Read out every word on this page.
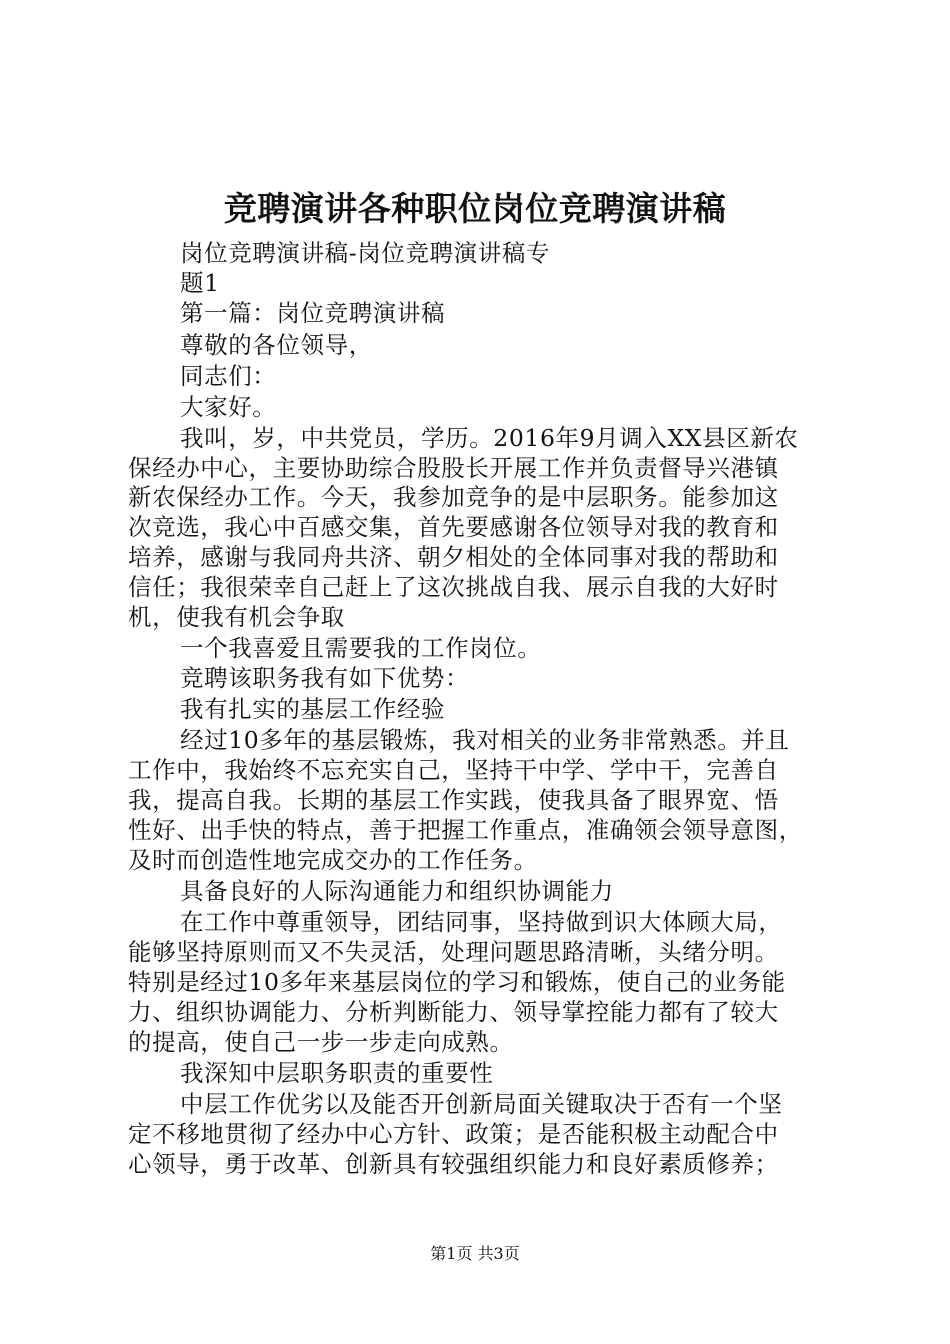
竞聘演讲各种职位岗位竞聘演讲稿
岗位竞聘演讲稿-岗位竞聘演讲稿专
题1
第一篇：岗位竞聘演讲稿
尊敬的各位领导，
同志们：
大家好。
我叫，岁，中共党员，学历。2016年9月调入XX县区新农
保经办中心，主要协助综合股股长开展工作并负责督导兴港镇
新农保经办工作。今天，我参加竞争的是中层职务。能参加这
次竞选，我心中百感交集，首先要感谢各位领导对我的教育和
培养，感谢与我同舟共济、朝夕相处的全体同事对我的帮助和
信任；我很荣幸自己赶上了这次挑战自我、展示自我的大好时
机，使我有机会争取
一个我喜爱且需要我的工作岗位。
竞聘该职务我有如下优势：
我有扎实的基层工作经验
经过10多年的基层锻炼，我对相关的业务非常熟悉。并且
工作中，我始终不忘充实自己，坚持干中学、学中干，完善自
我，提高自我。长期的基层工作实践，使我具备了眼界宽、悟
性好、出手快的特点，善于把握工作重点，准确领会领导意图，
及时而创造性地完成交办的工作任务。
具备良好的人际沟通能力和组织协调能力
在工作中尊重领导，团结同事，坚持做到识大体顾大局，
能够坚持原则而又不失灵活，处理问题思路清晰，头绪分明。
特别是经过10多年来基层岗位的学习和锻炼，使自己的业务能
力、组织协调能力、分析判断能力、领导掌控能力都有了较大
的提高，使自己一步一步走向成熟。
我深知中层职务职责的重要性
中层工作优劣以及能否开创新局面关键取决于否有一个坚
定不移地贯彻了经办中心方针、政策；是否能积极主动配合中
心领导，勇于改革、创新具有较强组织能力和良好素质修养；
第1页 共3页
